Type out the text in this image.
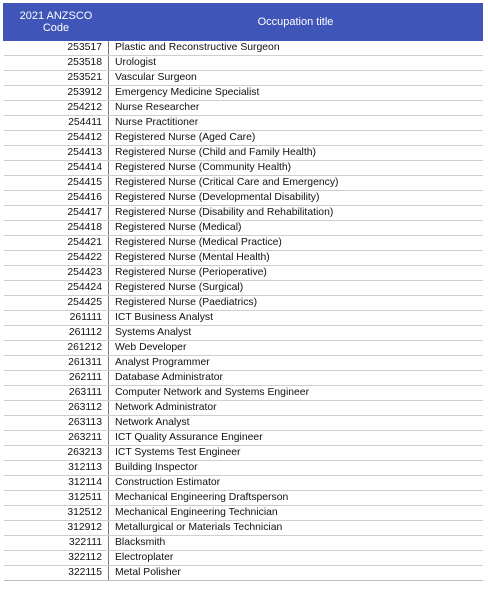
2021 ANZSCO
Code	Occupation title
253517	Plastic and Reconstructive Surgeon
253518	Urologist
253521	Vascular Surgeon
253912	Emergency Medicine Specialist
254212	Nurse Researcher
254411	Nurse Practitioner
254412	Registered Nurse (Aged Care)
254413	Registered Nurse (Child and Family Health)
254414	Registered Nurse (Community Health)
254415	Registered Nurse (Critical Care and Emergency)
254416	Registered Nurse (Developmental Disability)
254417	Registered Nurse (Disability and Rehabilitation)
254418	Registered Nurse (Medical)
254421	Registered Nurse (Medical Practice)
254422	Registered Nurse (Mental Health)
254423	Registered Nurse (Perioperative)
254424	Registered Nurse (Surgical)
254425	Registered Nurse (Paediatrics)
261111	ICT Business Analyst
261112	Systems Analyst
261212	Web Developer
261311	Analyst Programmer
262111	Database Administrator
263111	Computer Network and Systems Engineer
263112	Network Administrator
263113	Network Analyst
263211	ICT Quality Assurance Engineer
263213	ICT Systems Test Engineer
312113	Building Inspector
312114	Construction Estimator
312511	Mechanical Engineering Draftsperson
312512	Mechanical Engineering Technician
312912	Metallurgical or Materials Technician
322111	Blacksmith
322112	Electroplater
322115	Metal Polisher
